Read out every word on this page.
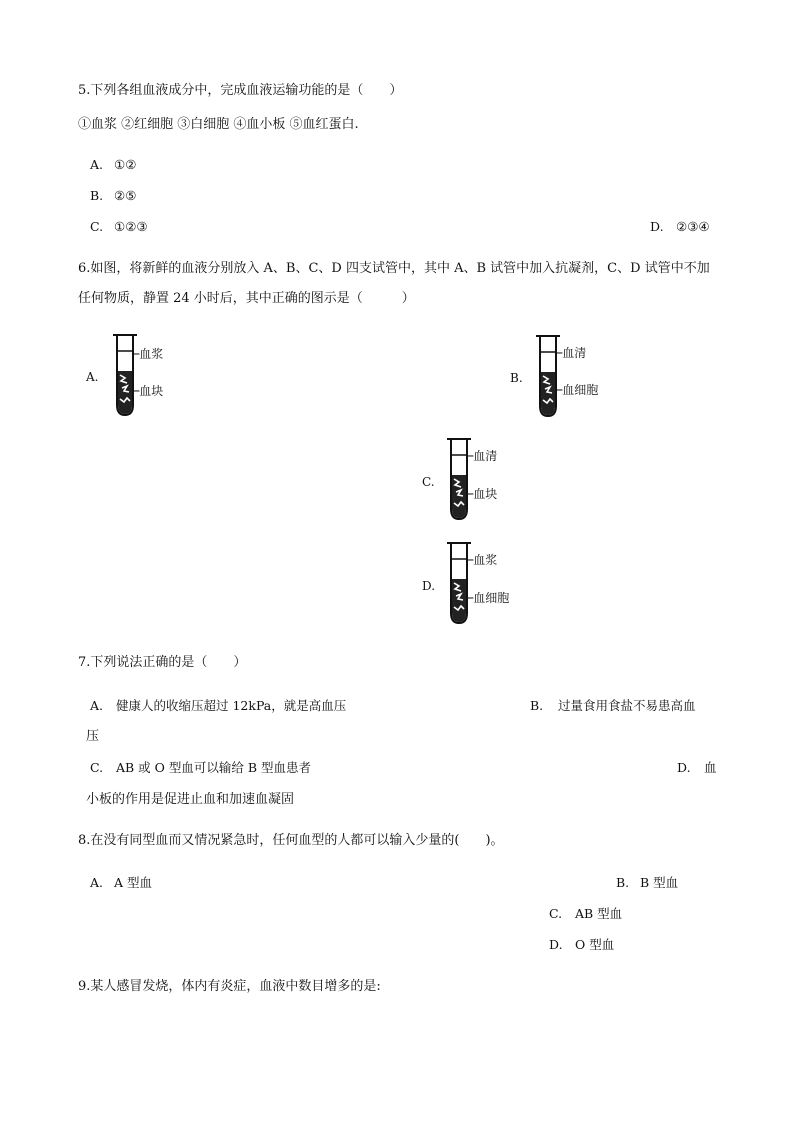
5.下列各组血液成分中，完成血液运输功能的是（　　）
①血浆 ②红细胞 ③白细胞 ④血小板 ⑤血红蛋白.
A. ①②
B. ②⑤
C. ①②③	D. ②③④
6.如图，将新鲜的血液分别放入 A、B、C、D 四支试管中，其中 A、B 试管中加入抗凝剂，C、D 试管中不加
任何物质，静置 24 小时后，其中正确的图示是（　　　）
A.
─血浆
─血块
B.
─血清
─血细胞
C.
─血清
─血块
D.
─血浆
─血细胞
7.下列说法正确的是（　　）
A. 健康人的收缩压超过 12kPa，就是高血压	B. 过量食用食盐不易患高血
压
C. AB 或 O 型血可以输给 B 型血患者	D. 血
小板的作用是促进止血和加速血凝固
8.在没有同型血而又情况紧急时，任何血型的人都可以输入少量的(　　)。
A. A 型血	B. B 型血
C. AB 型血
D. O 型血
9.某人感冒发烧，体内有炎症，血液中数目增多的是:
